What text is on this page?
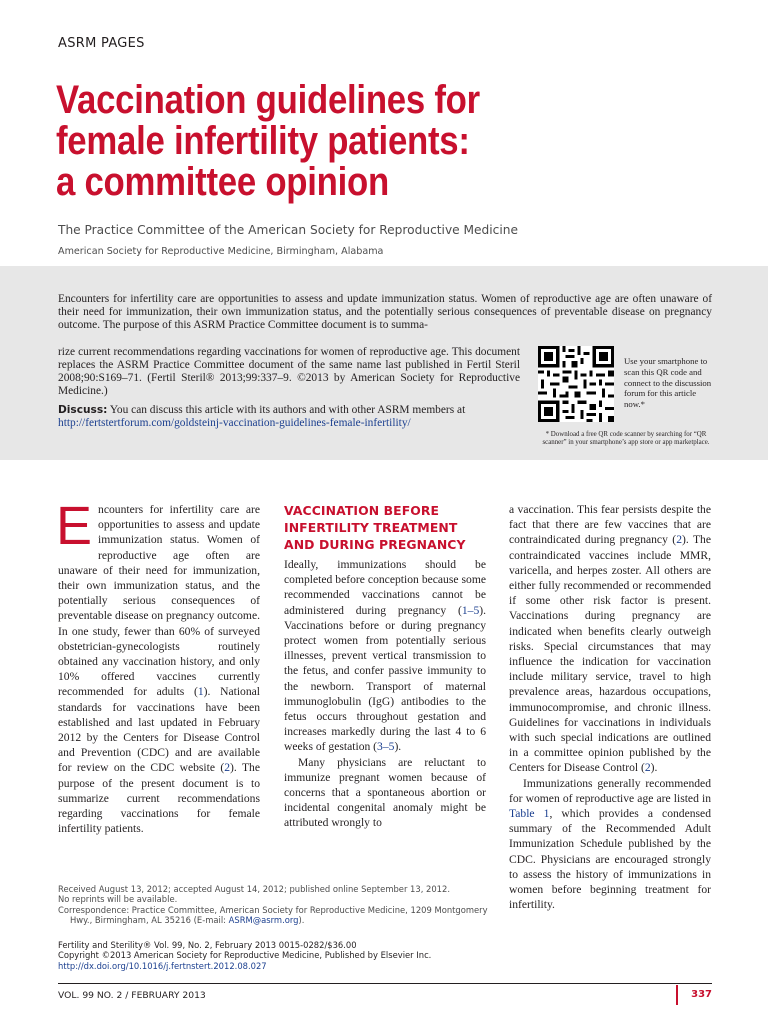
ASRM PAGES
Vaccination guidelines for
female infertility patients:
a committee opinion
The Practice Committee of the American Society for Reproductive Medicine
American Society for Reproductive Medicine, Birmingham, Alabama
Encounters for infertility care are opportunities to assess and update immunization status. Women of reproductive age are often unaware of their need for immunization, their own immunization status, and the potentially serious consequences of preventable disease on pregnancy outcome. The purpose of this ASRM Practice Committee document is to summa-
rize current recommendations regarding vaccinations for women of reproductive age. This document replaces the ASRM Practice Committee document of the same name last published in Fertil Steril 2008;90:S169–71. (Fertil Steril® 2013;99:337–9. ©2013 by American Society for Reproductive Medicine.)
Discuss: You can discuss this article with its authors and with other ASRM members at http://fertstertforum.com/goldsteinj-vaccination-guidelines-female-infertility/
Use your smartphone to scan this QR code and connect to the discussion forum for this article now.*
* Download a free QR code scanner by searching for “QR scanner” in your smartphone’s app store or app marketplace.
Encounters for infertility care are opportunities to assess and update immunization status. Women of reproductive age often are unaware of their need for immunization, their own immunization status, and the potentially serious consequences of preventable disease on pregnancy outcome. In one study, fewer than 60% of surveyed obstetrician-gynecologists routinely obtained any vaccination history, and only 10% offered vaccines currently recommended for adults (1). National standards for vaccinations have been established and last updated in February 2012 by the Centers for Disease Control and Prevention (CDC) and are available for review on the CDC website (2). The purpose of the present document is to summarize current recommendations regarding vaccinations for female infertility patients.
VACCINATION BEFORE INFERTILITY TREATMENT AND DURING PREGNANCY

Ideally, immunizations should be completed before conception because some recommended vaccinations cannot be administered during pregnancy (1–5). Vaccinations before or during pregnancy protect women from potentially serious illnesses, prevent vertical transmission to the fetus, and confer passive immunity to the newborn. Transport of maternal immunoglobulin (IgG) antibodies to the fetus occurs throughout gestation and increases markedly during the last 4 to 6 weeks of gestation (3–5).

Many physicians are reluctant to immunize pregnant women because of concerns that a spontaneous abortion or incidental congenital anomaly might be attributed wrongly to

a vaccination. This fear persists despite the fact that there are few vaccines that are contraindicated during pregnancy (2). The contraindicated vaccines include MMR, varicella, and herpes zoster. All others are either fully recommended or recommended if some other risk factor is present. Vaccinations during pregnancy are indicated when benefits clearly outweigh risks. Special circumstances that may influence the indication for vaccination include military service, travel to high prevalence areas, hazardous occupations, immunocompromise, and chronic illness. Guidelines for vaccinations in individuals with such special indications are outlined in a committee opinion published by the Centers for Disease Control (2).

Immunizations generally recommended for women of reproductive age are listed in Table 1, which provides a condensed summary of the Recommended Adult Immunization Schedule published by the CDC. Physicians are encouraged strongly to assess the history of immunizations in women before beginning treatment for infertility.

Received August 13, 2012; accepted August 14, 2012; published online September 13, 2012.
No reprints will be available.
Correspondence: Practice Committee, American Society for Reproductive Medicine, 1209 Montgomery Hwy., Birmingham, AL 35216 (E-mail: ASRM@asrm.org).
Fertility and Sterility® Vol. 99, No. 2, February 2013 0015-0282/$36.00
Copyright ©2013 American Society for Reproductive Medicine, Published by Elsevier Inc.
http://dx.doi.org/10.1016/j.fertnstert.2012.08.027
VOL. 99 NO. 2 / FEBRUARY 2013	337
